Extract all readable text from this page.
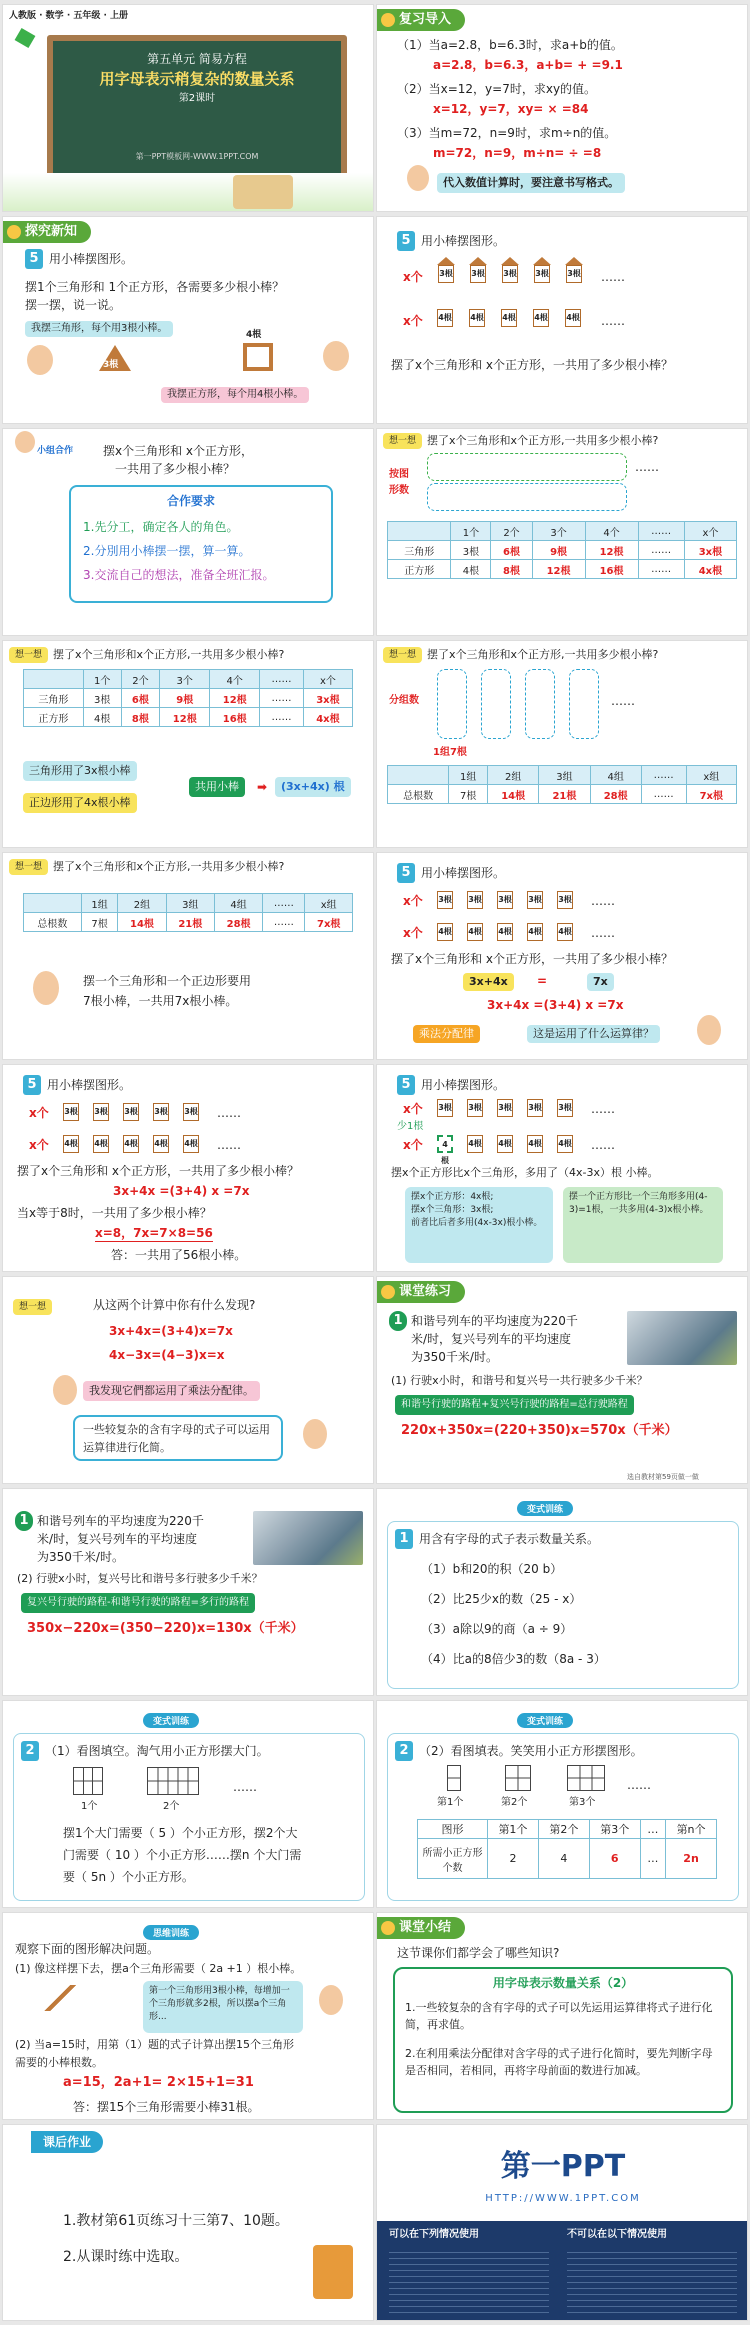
人教版 · 数学 · 五年级 · 上册
第五单元 简易方程
用字母表示稍复杂的数量关系
第2课时
第一PPT模板网-WWW.1PPT.COM
复习导入
（1）当a=2.8，b=6.3时，求a+b的值。
a=2.8，b=6.3，a+b= + =9.1
（2）当x=12，y=7时，求xy的值。
x=12，y=7，xy= × =84
（3）当m=72，n=9时，求m÷n的值。
m=72，n=9，m÷n= ÷ =8
代入数值计算时，要注意书写格式。
探究新知
5 用小棒摆图形。
摆1个三角形和 1个正方形，各需要多少根小棒？
摆一摆，说一说。
我摆三角形，每个用3根小棒。
3根
4根
我摆正方形，每个用4根小棒。
5 用小棒摆图形。
x个
x个
3根 3根 3根 3根 3根 ……
4根 4根 4根 4根 4根 ……
摆了x个三角形和 x个正方形，一共用了多少根小棒？
小组合作 摆x个三角形和 x个正方形，
一共用了多少根小棒？
合作要求
1.先分工，确定各人的角色。
2.分別用小棒摆一摆，算一算。
3.交流自己的想法，准备全班汇报。
想一想 摆了x个三角形和x个正方形,一共用多少根小棒?
按图形数
……
	1个	2个	3个	4个	……	x个
三角形	3根	6根	9根	12根	……	3x根
正方形	4根	8根	12根	16根	……	4x根
想一想 摆了x个三角形和x个正方形,一共用多少根小棒?
	1个	2个	3个	4个	……	x个
三角形	3根	6根	9根	12根	……	3x根
正方形	4根	8根	12根	16根	……	4x根
三角形用了3x根小棒
正边形用了4x根小棒
共用小棒	➡	(3x+4x) 根
想一想 摆了x个三角形和x个正方形,一共用多少根小棒?
分组数	……
1组7根
	1组	2组	3组	4组	……	x组
总根数	7根	14根	21根	28根	……	7x根
想一想 摆了x个三角形和x个正方形,一共用多少根小棒?
	1组	2组	3组	4组	……	x组
总根数	7根	14根	21根	28根	……	7x根
摆一个三角形和一个正边形要用
7根小棒，一共用7x根小棒。
5 用小棒摆图形。
x个
x个
3根 3根 3根 3根 3根 ……
4根 4根 4根 4根 4根 ……
摆了x个三角形和 x个正方形，一共用了多少根小棒？
3x+4x	=	7x
3x+4x =(3+4) x =7x
乘法分配律	这是运用了什么运算律？
5 用小棒摆图形。
x个
x个
3根 3根 3根 3根 3根 ……
4根 4根 4根 4根 4根 ……
摆了x个三角形和 x个正方形，一共用了多少根小棒？
3x+4x =(3+4) x =7x
当x等于8时，一共用了多少根小棒？
x=8，7x=7×8=56
答：一共用了56根小棒。
5 用小棒摆图形。
x个
x个
少1根
3根 3根 3根 3根 3根 ……
4根
4根 4根 4根 4根 ……
摆x个正方形比x个三角形，多用了（4x-3x）根 小棒。
摆x个正方形：4x根;
摆x个三角形：3x根;
前者比后者多用(4x-3x)根小棒。
摆一个正方形比一个三角形多用(4-3)=1根，一共多用(4-3)x根小棒。
想一想	从这两个计算中你有什么发现?
3x+4x=(3+4)x=7x
4x−3x=(4−3)x=x
我发现它們都运用了乘法分配律。
一些较复杂的含有字母的式子可以运用运算律进行化简。
课堂练习
1 和谐号列车的平均速度为220千
米/时，复兴号列车的平均速度
为350千米/时。
(1) 行驶x小时，和谐号和复兴号一共行驶多少千米？
和谐号行驶的路程+复兴号行驶的路程=总行驶路程
220x+350x=(220+350)x=570x（千米）
选自教材第59页做一做
1 和谐号列车的平均速度为220千
米/时，复兴号列车的平均速度
为350千米/时。
(2) 行驶x小时，复兴号比和谐号多行驶多少千米？
复兴号行驶的路程-和谐号行驶的路程=多行的路程
350x−220x=(350−220)x=130x（千米）
变式训练
1 用含有字母的式子表示数量关系。
（1）b和20的积（20 b）
（2）比25少x的数（25 - x）
（3）a除以9的商（a ÷ 9）
（4）比a的8倍少3的数（8a - 3）
变式训练
2 （1）看图填空。淘气用小正方形摆大门。
1个	2个
……
摆1个大门需要（ 5 ）个小正方形，摆2个大
门需要（ 10 ）个小正方形……摆n 个大门需
要（ 5n ）个小正方形。
变式训练
2 （2）看图填表。笑笑用小正方形摆图形。
第1个	第2个	第3个
……
图形	第1个	第2个	第3个	…	第n个
所需小正方形个数	2	4	6	…	2n
思维训练
观察下面的图形解决问题。
(1) 像这样摆下去，摆a个三角形需要（ 2a +1 ）根小棒。
第一个三角形用3根小棒，每增加一个三角形就多2根，所以摆a个三角形...
(2) 当a=15时，用第（1）题的式子计算出摆15个三角形
需要的小棒根数。
a=15，2a+1= 2×15+1=31
答：摆15个三角形需要小棒31根。
课堂小结
这节课你们都学会了哪些知识?
用字母表示数量关系（2）
1.一些较复杂的含有字母的式子可以先运用运算律将式子进行化简，再求值。
2.在利用乘法分配律对含字母的式子进行化简时，要先判断字母是否相同，若相同，再将字母前面的数进行加减。
课后作业
1.教材第61页练习十三第7、10题。
2.从课时练中选取。
第一PPT
HTTP://WWW.1PPT.COM
可以在下列情况使用	不可以在以下情况使用
